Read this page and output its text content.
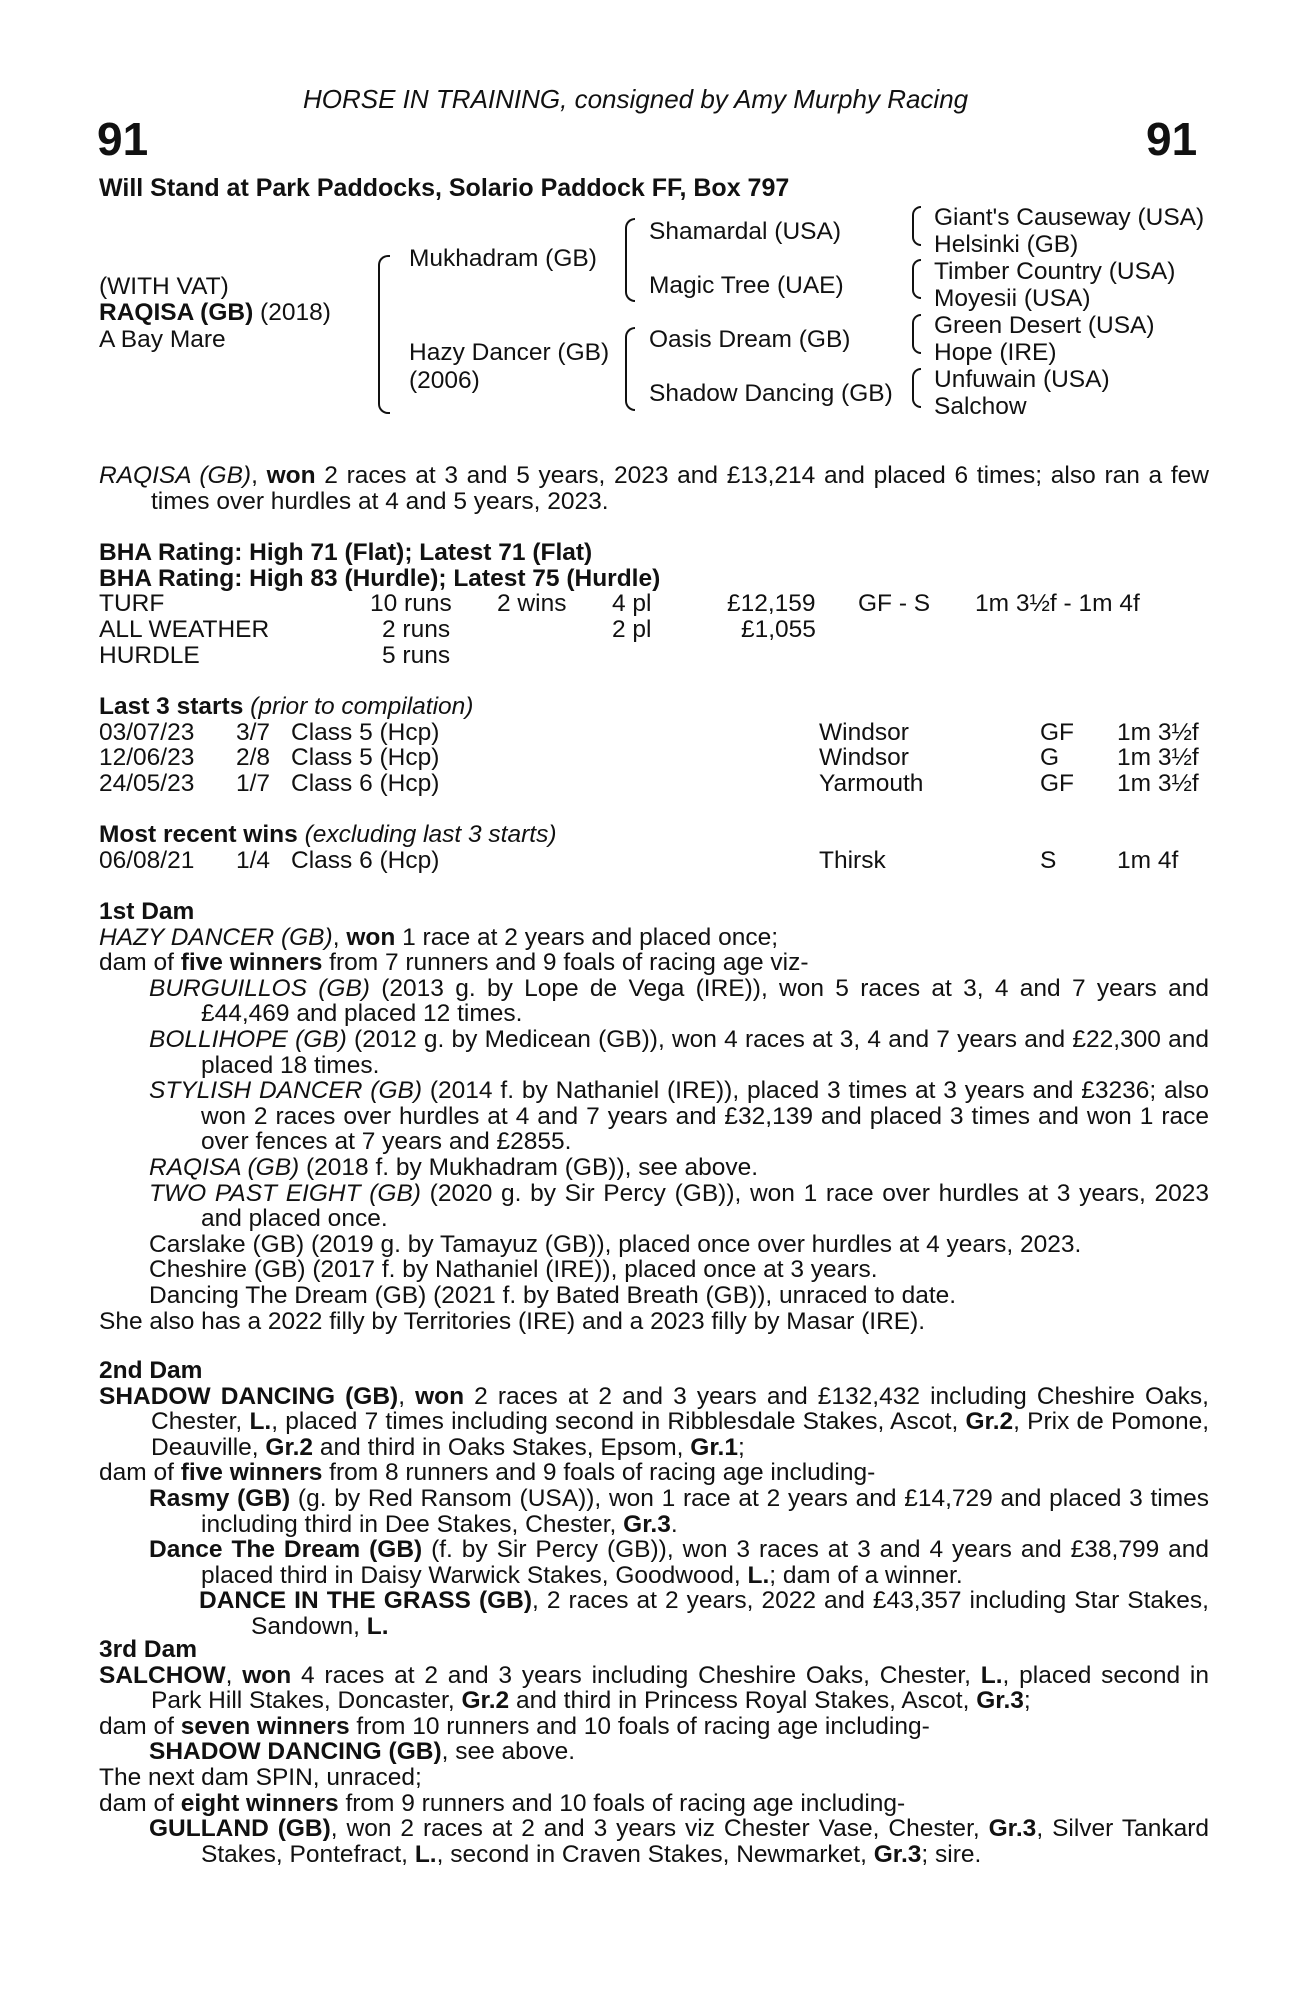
HORSE IN TRAINING, consigned by Amy Murphy Racing
91	91
Will Stand at Park Paddocks, Solario Paddock FF, Box 797
(WITH VAT)
RAQISA (GB) (2018)
A Bay Mare
Mukhadram (GB)
Hazy Dancer (GB)
(2006)
Shamardal (USA)
Magic Tree (UAE)
Oasis Dream (GB)
Shadow Dancing (GB)
Giant's Causeway (USA)
Helsinki (GB)
Timber Country (USA)
Moyesii (USA)
Green Desert (USA)
Hope (IRE)
Unfuwain (USA)
Salchow

RAQISA (GB), won 2 races at 3 and 5 years, 2023 and £13,214 and placed 6 times; also ran a few times over hurdles at 4 and 5 years, 2023.

BHA Rating: High 71 (Flat); Latest 71 (Flat)
BHA Rating: High 83 (Hurdle); Latest 75 (Hurdle)
TURF	10 runs 2 wins 4 pl	£12,159 GF - S 1m 3½f - 1m 4f
ALL WEATHER	2 runs	2 pl	£1,055
HURDLE	5 runs
Last 3 starts (prior to compilation)
03/07/23 3/7 Class 5 (Hcp)	Windsor	GF 1m 3½f
12/06/23 2/8 Class 5 (Hcp)	Windsor	G 1m 3½f
24/05/23 1/7 Class 6 (Hcp)	Yarmouth	GF 1m 3½f
Most recent wins (excluding last 3 starts)
06/08/21 1/4 Class 6 (Hcp)	Thirsk	S 1m 4f

1st Dam

HAZY DANCER (GB), won 1 race at 2 years and placed once;

dam of five winners from 7 runners and 9 foals of racing age viz-

BURGUILLOS (GB) (2013 g. by Lope de Vega (IRE)), won 5 races at 3, 4 and 7 years and £44,469 and placed 12 times.

BOLLIHOPE (GB) (2012 g. by Medicean (GB)), won 4 races at 3, 4 and 7 years and £22,300 and placed 18 times.

STYLISH DANCER (GB) (2014 f. by Nathaniel (IRE)), placed 3 times at 3 years and £3236; also won 2 races over hurdles at 4 and 7 years and £32,139 and placed 3 times and won 1 race over fences at 7 years and £2855.

RAQISA (GB) (2018 f. by Mukhadram (GB)), see above.

TWO PAST EIGHT (GB) (2020 g. by Sir Percy (GB)), won 1 race over hurdles at 3 years, 2023 and placed once.

Carslake (GB) (2019 g. by Tamayuz (GB)), placed once over hurdles at 4 years, 2023.

Cheshire (GB) (2017 f. by Nathaniel (IRE)), placed once at 3 years.

Dancing The Dream (GB) (2021 f. by Bated Breath (GB)), unraced to date.

She also has a 2022 filly by Territories (IRE) and a 2023 filly by Masar (IRE).

2nd Dam

SHADOW DANCING (GB), won 2 races at 2 and 3 years and £132,432 including Cheshire Oaks, Chester, L., placed 7 times including second in Ribblesdale Stakes, Ascot, Gr.2, Prix de Pomone, Deauville, Gr.2 and third in Oaks Stakes, Epsom, Gr.1;

dam of five winners from 8 runners and 9 foals of racing age including-

Rasmy (GB) (g. by Red Ransom (USA)), won 1 race at 2 years and £14,729 and placed 3 times including third in Dee Stakes, Chester, Gr.3.

Dance The Dream (GB) (f. by Sir Percy (GB)), won 3 races at 3 and 4 years and £38,799 and placed third in Daisy Warwick Stakes, Goodwood, L.; dam of a winner.

DANCE IN THE GRASS (GB), 2 races at 2 years, 2022 and £43,357 including Star Stakes, Sandown, L.

3rd Dam

SALCHOW, won 4 races at 2 and 3 years including Cheshire Oaks, Chester, L., placed second in Park Hill Stakes, Doncaster, Gr.2 and third in Princess Royal Stakes, Ascot, Gr.3;

dam of seven winners from 10 runners and 10 foals of racing age including-

SHADOW DANCING (GB), see above.

The next dam SPIN, unraced;

dam of eight winners from 9 runners and 10 foals of racing age including-

GULLAND (GB), won 2 races at 2 and 3 years viz Chester Vase, Chester, Gr.3, Silver Tankard Stakes, Pontefract, L., second in Craven Stakes, Newmarket, Gr.3; sire.
